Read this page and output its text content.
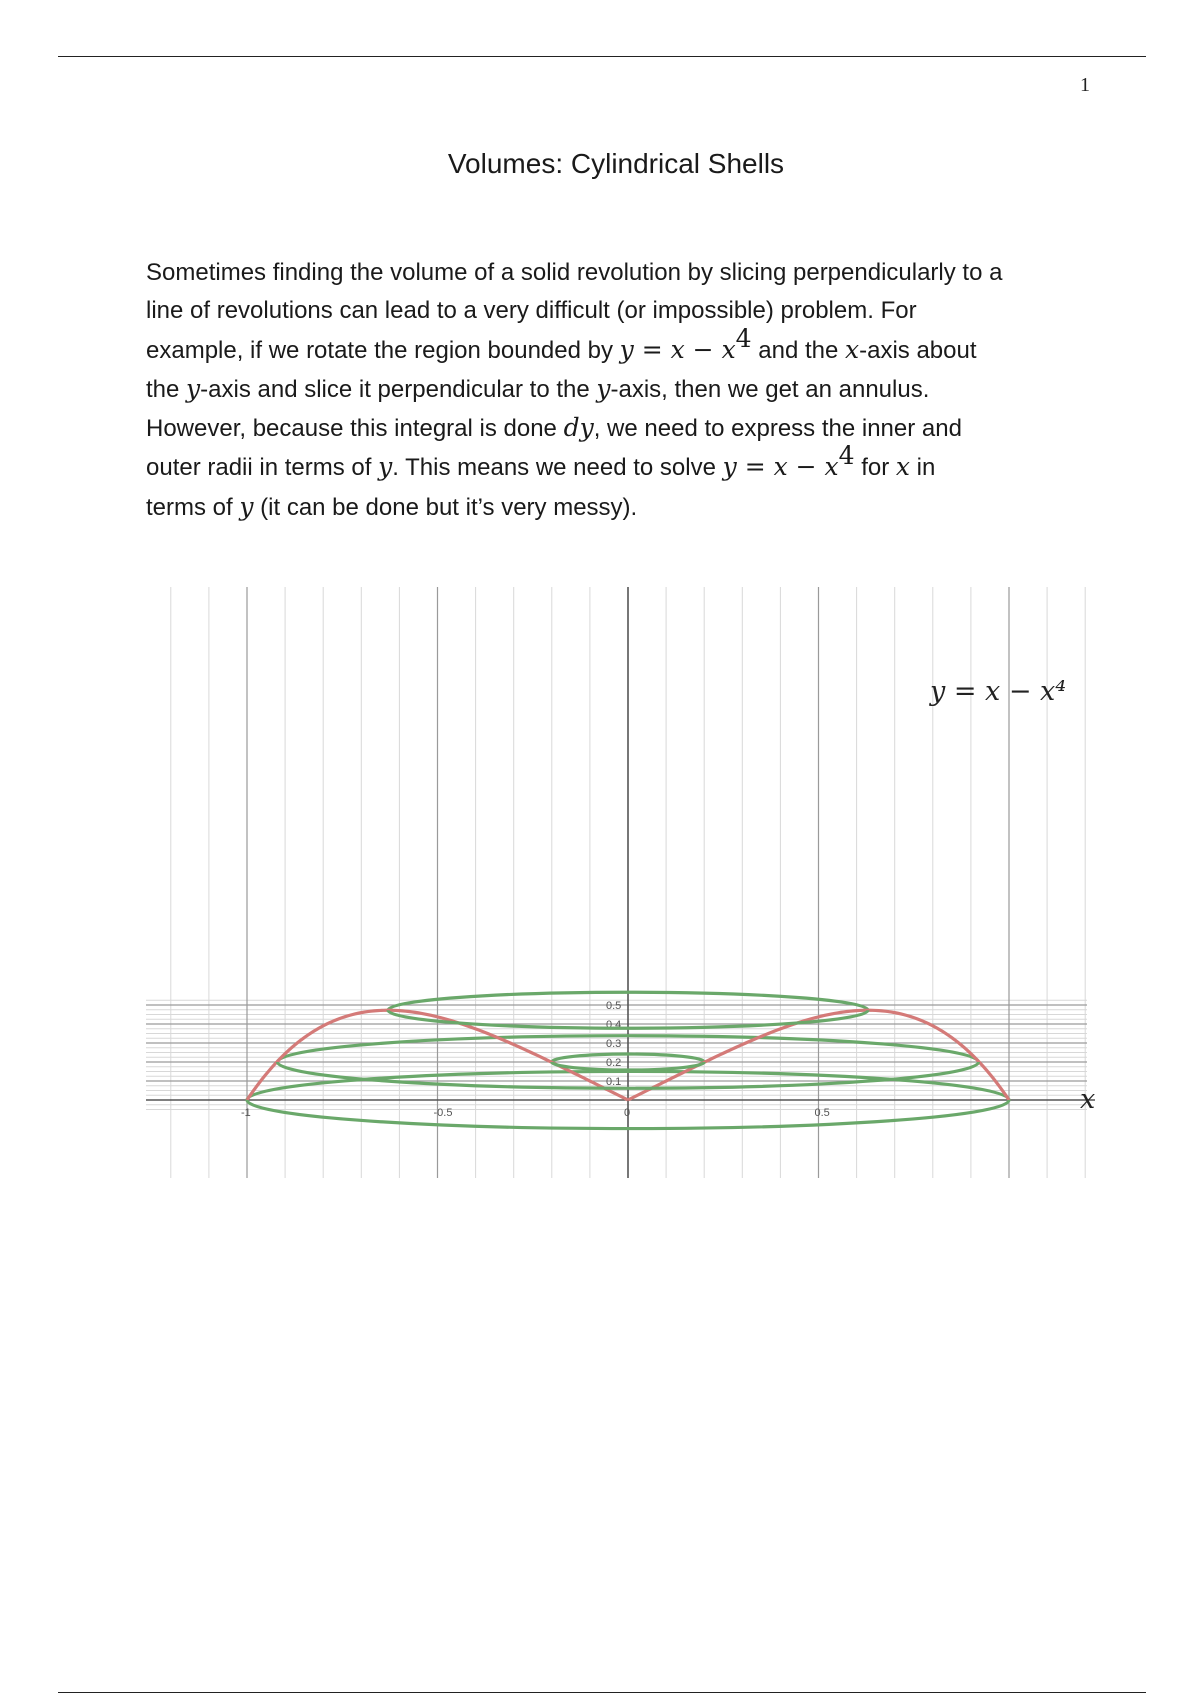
1
Volumes: Cylindrical Shells
Sometimes finding the volume of a solid revolution by slicing perpendicularly to a
line of revolutions can lead to a very difficult (or impossible) problem. For
example, if we rotate the region bounded by $y = x - x^4$ and the x-axis about
the y-axis and slice it perpendicular to the y-axis, then we get an annulus.
However, because this integral is done dy, we need to express the inner and
outer radii in terms of y. This means we need to solve $y = x - x^4$ for x in
terms of y (it can be done but it’s very messy).
-1	-0.5	0	0.5
0.1
0.2
0.3
0.4
0.5
y = x − x⁴
x
